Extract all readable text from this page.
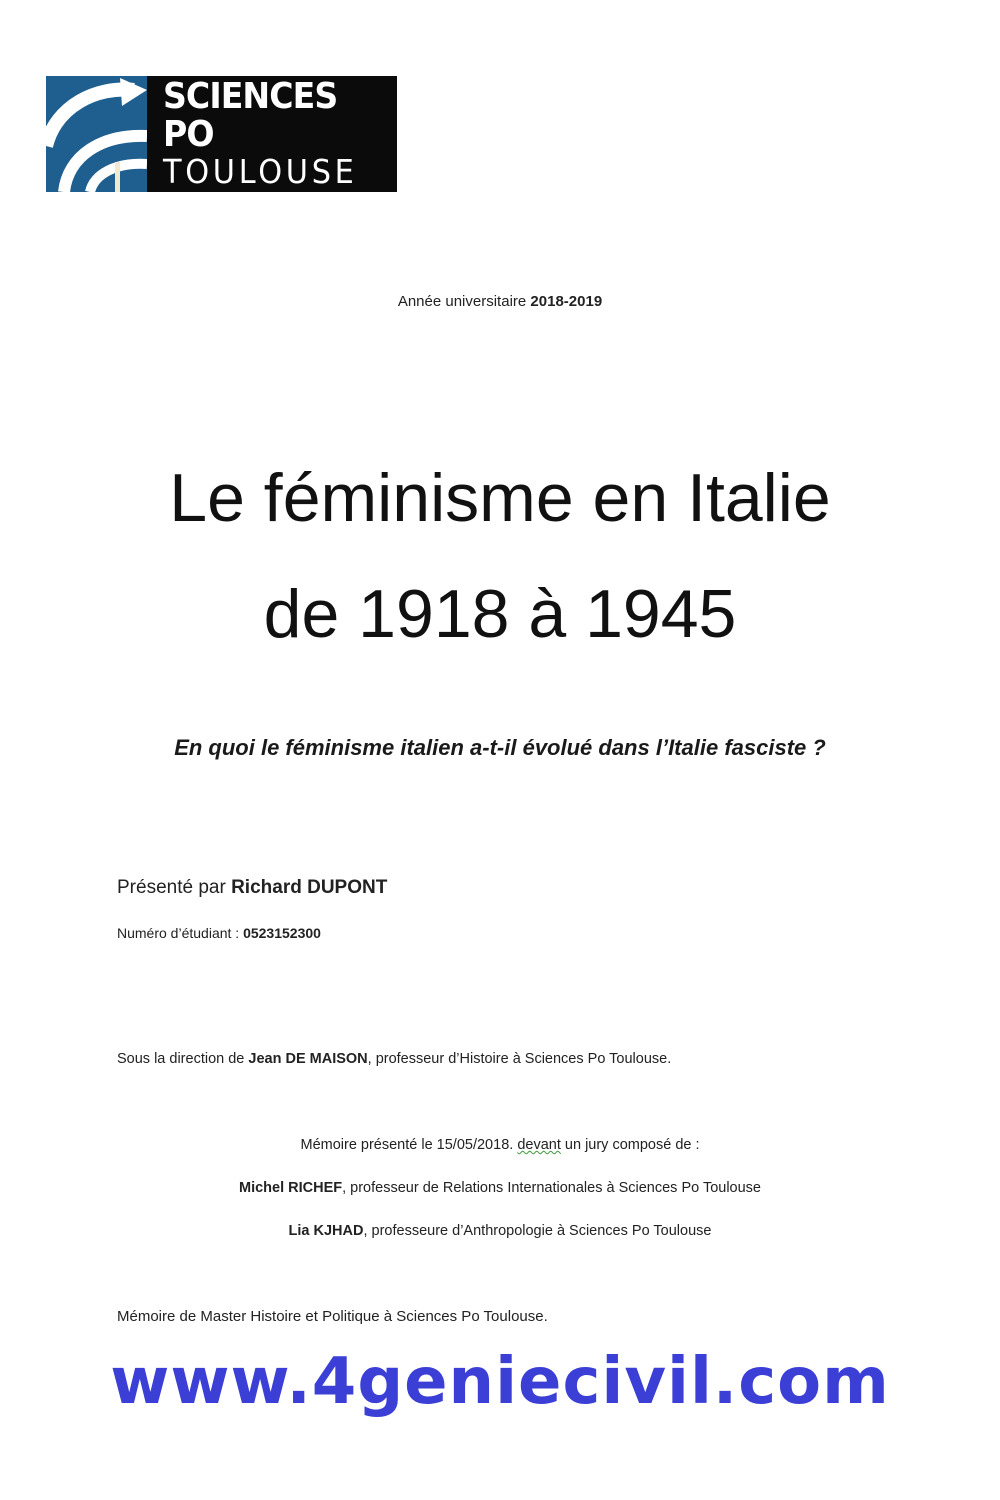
SCIENCES PO
TOULOUSE
Année universitaire 2018-2019
Le féminisme en Italie
de 1918 à 1945
En quoi le féminisme italien a-t-il évolué dans l’Italie fasciste ?
Présenté par Richard DUPONT
Numéro d’étudiant : 0523152300
Sous la direction de Jean DE MAISON, professeur d’Histoire à Sciences Po Toulouse.
Mémoire présenté le 15/05/2018. devant un jury composé de :
Michel RICHEF, professeur de Relations Internationales à Sciences Po Toulouse
Lia KJHAD, professeure d’Anthropologie à Sciences Po Toulouse
Mémoire de Master Histoire et Politique à Sciences Po Toulouse.
www.4geniecivil.com
